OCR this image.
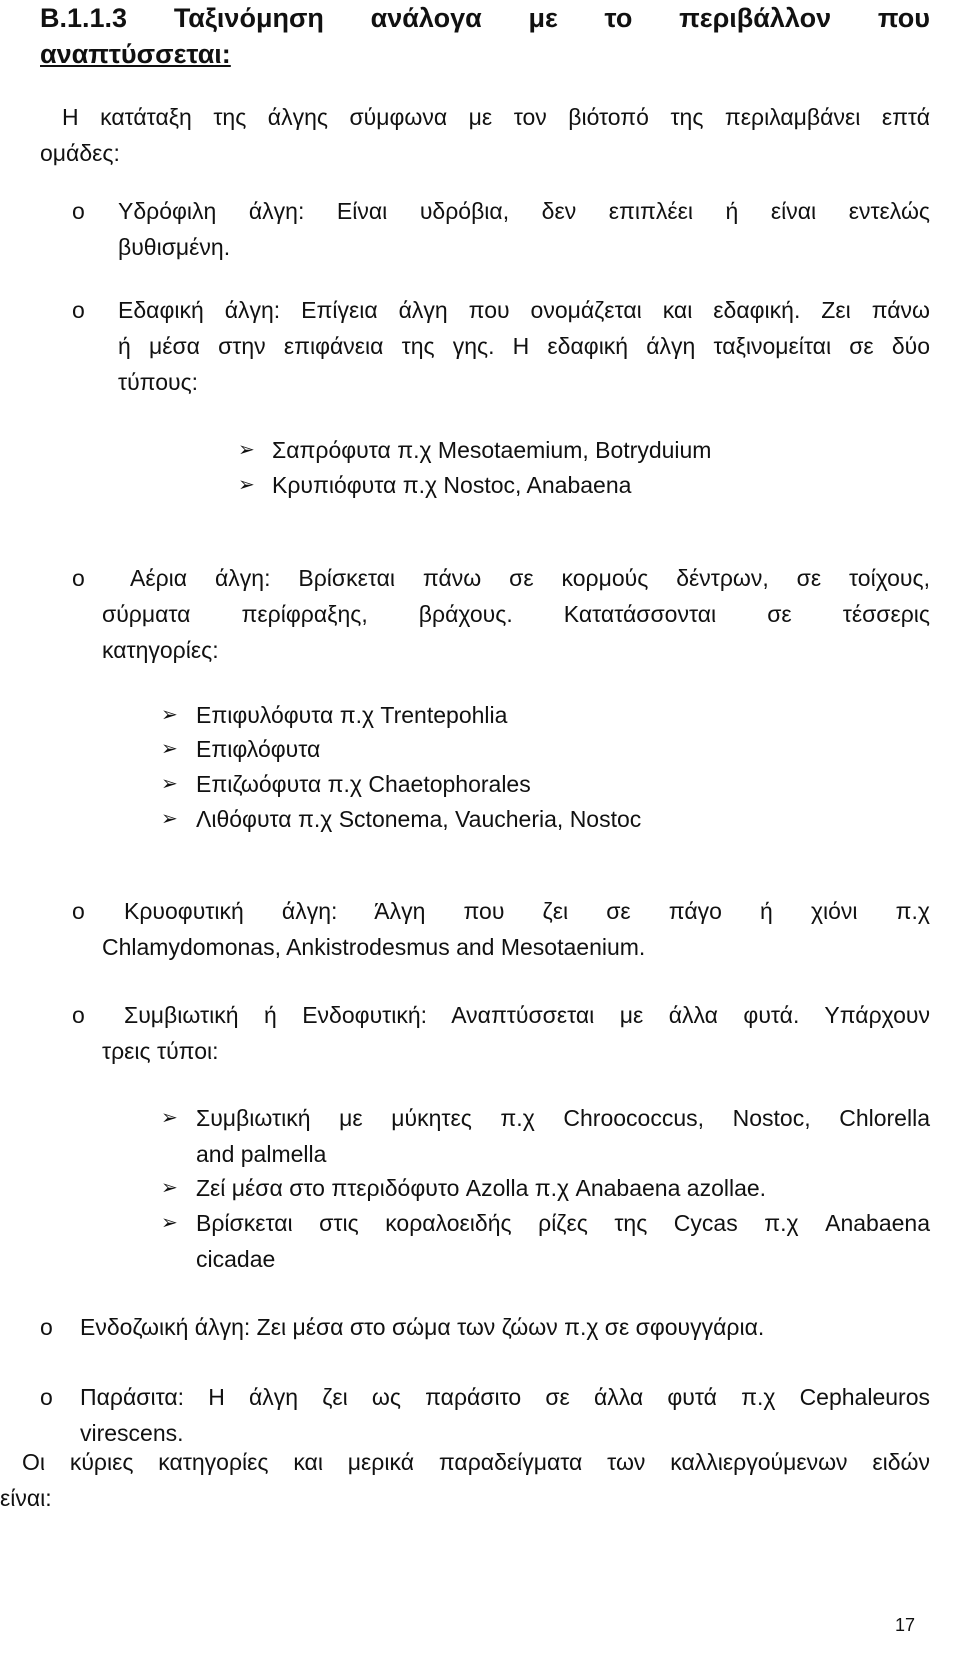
B.1.1.3 Ταξινόμηση ανάλογα με το περιβάλλον που
αναπτύσσεται:
Η κατάταξη της άλγης σύμφωνα με τον βιότοπό της περιλαμβάνει επτά
ομάδες:
o	Υδρόφιλη άλγη: Είναι υδρόβια, δεν επιπλέει ή είναι εντελώς
βυθισμένη.
o	Εδαφική άλγη: Επίγεια άλγη που ονομάζεται και εδαφική. Ζει πάνω
ή μέσα στην επιφάνεια της γης. Η εδαφική άλγη ταξινομείται σε δύο
τύπους:
➢ Σαπρόφυτα π.χ Mesotaemium, Botryduium
➢ Κρυπιόφυτα π.χ Nostoc, Anabaena
o	Αέρια άλγη: Βρίσκεται πάνω σε κορμούς δέντρων, σε τοίχους,
σύρματα περίφραξης, βράχους. Κατατάσσονται σε τέσσερις
κατηγορίες:
➢ Επιφυλόφυτα π.χ Trentepohlia
➢ Επιφλόφυτα
➢ Επιζωόφυτα π.χ Chaetophorales
➢ Λιθόφυτα π.χ Sctonema, Vaucheria, Nostoc
o	Κρυοφυτική άλγη: Άλγη που ζει σε πάγο ή χιόνι π.χ
Chlamydomonas, Ankistrodesmus and Mesotaenium.
o	Συμβιωτική ή Ενδοφυτική: Αναπτύσσεται με άλλα φυτά. Υπάρχουν
τρεις τύποι:
➢ Συμβιωτική με μύκητες π.χ Chroococcus, Nostoc, Chlorella
and palmella
➢ Ζεί μέσα στο πτεριδόφυτο Azolla π.χ Anabaena azollae.
➢ Βρίσκεται στις κοραλοειδής ρίζες της Cycas π.χ Anabaena
cicadae
o	Ενδοζωική άλγη: Ζει μέσα στο σώμα των ζώων π.χ σε σφουγγάρια.
o	Παράσιτα: Η άλγη ζει ως παράσιτο σε άλλα φυτά π.χ Cephaleuros
virescens.
Οι κύριες κατηγορίες και μερικά παραδείγματα των καλλιεργούμενων ειδών
είναι:
17
